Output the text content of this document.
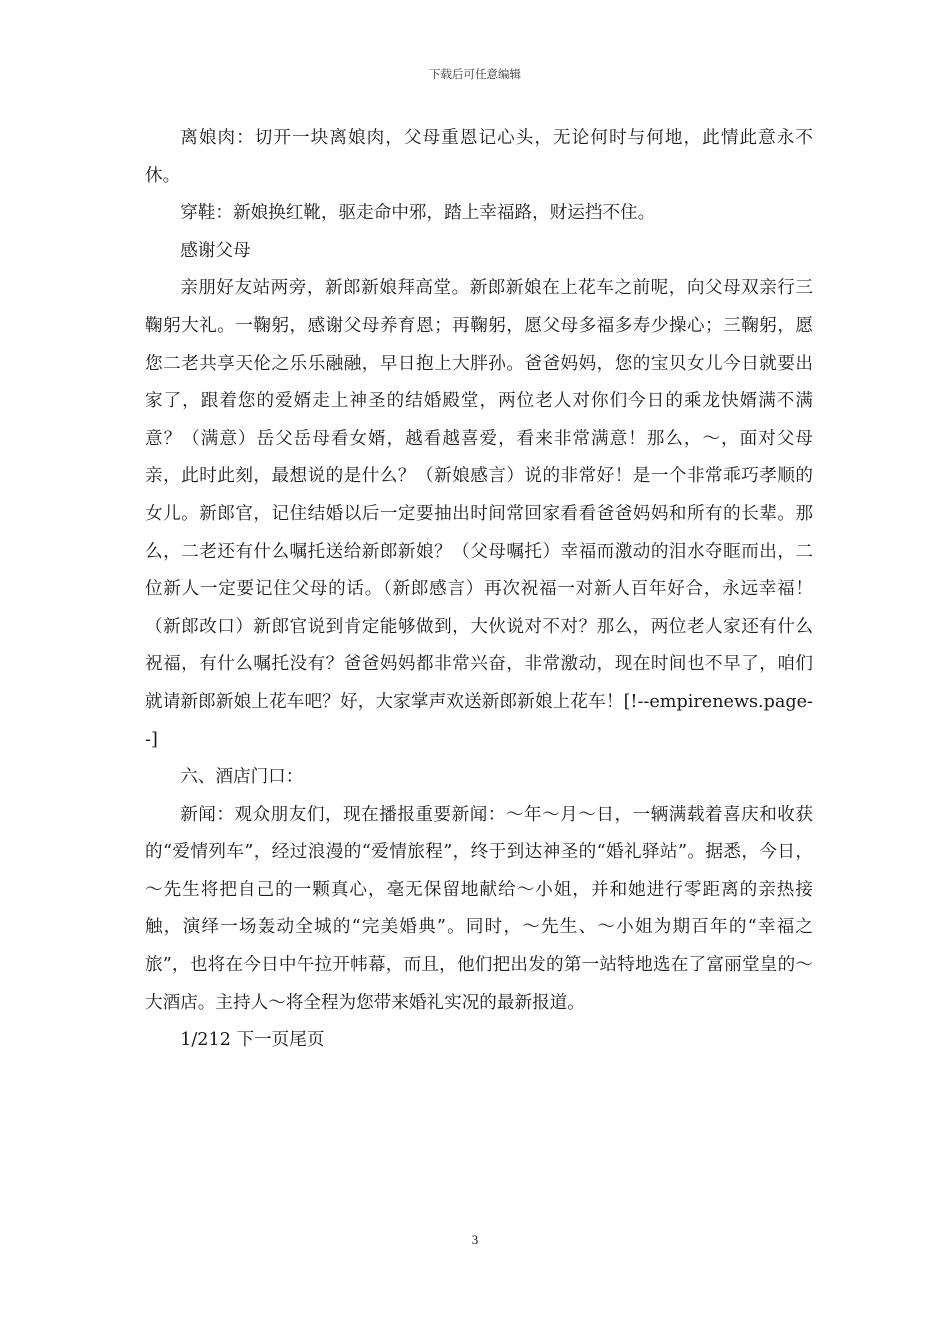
下载后可任意编辑

离娘肉：切开一块离娘肉，父母重恩记心头，无论何时与何地，此情此意永不休。

穿鞋：新娘换红靴，驱走命中邪，踏上幸福路，财运挡不住。

感谢父母

亲朋好友站两旁，新郎新娘拜高堂。新郎新娘在上花车之前呢，向父母双亲行三鞠躬大礼。一鞠躬，感谢父母养育恩；再鞠躬，愿父母多福多寿少操心；三鞠躬，愿您二老共享天伦之乐乐融融，早日抱上大胖孙。爸爸妈妈，您的宝贝女儿今日就要出家了，跟着您的爱婿走上神圣的结婚殿堂，两位老人对你们今日的乘龙快婿满不满意？（满意）岳父岳母看女婿，越看越喜爱，看来非常满意！那么，～，面对父母亲，此时此刻，最想说的是什么？（新娘感言）说的非常好！是一个非常乖巧孝顺的女儿。新郎官，记住结婚以后一定要抽出时间常回家看看爸爸妈妈和所有的长辈。那么，二老还有什么嘱托送给新郎新娘？（父母嘱托）幸福而激动的泪水夺眶而出，二位新人一定要记住父母的话。（新郎感言）再次祝福一对新人百年好合，永远幸福！（新郎改口）新郎官说到肯定能够做到，大伙说对不对？那么，两位老人家还有什么祝福，有什么嘱托没有？爸爸妈妈都非常兴奋，非常激动，现在时间也不早了，咱们就请新郎新娘上花车吧？好，大家掌声欢送新郎新娘上花车！[!--empirenews.page--]

六、酒店门口：

新闻：观众朋友们，现在播报重要新闻：～年～月～日，一辆满载着喜庆和收获的“爱情列车”，经过浪漫的“爱情旅程”，终于到达神圣的“婚礼驿站”。据悉，今日，～先生将把自己的一颗真心，毫无保留地献给～小姐，并和她进行零距离的亲热接触，演绎一场轰动全城的“完美婚典”。同时，～先生、～小姐为期百年的“幸福之旅”，也将在今日中午拉开帏幕，而且，他们把出发的第一站特地选在了富丽堂皇的～大酒店。主持人～将全程为您带来婚礼实况的最新报道。

1/212 下一页尾页

3
